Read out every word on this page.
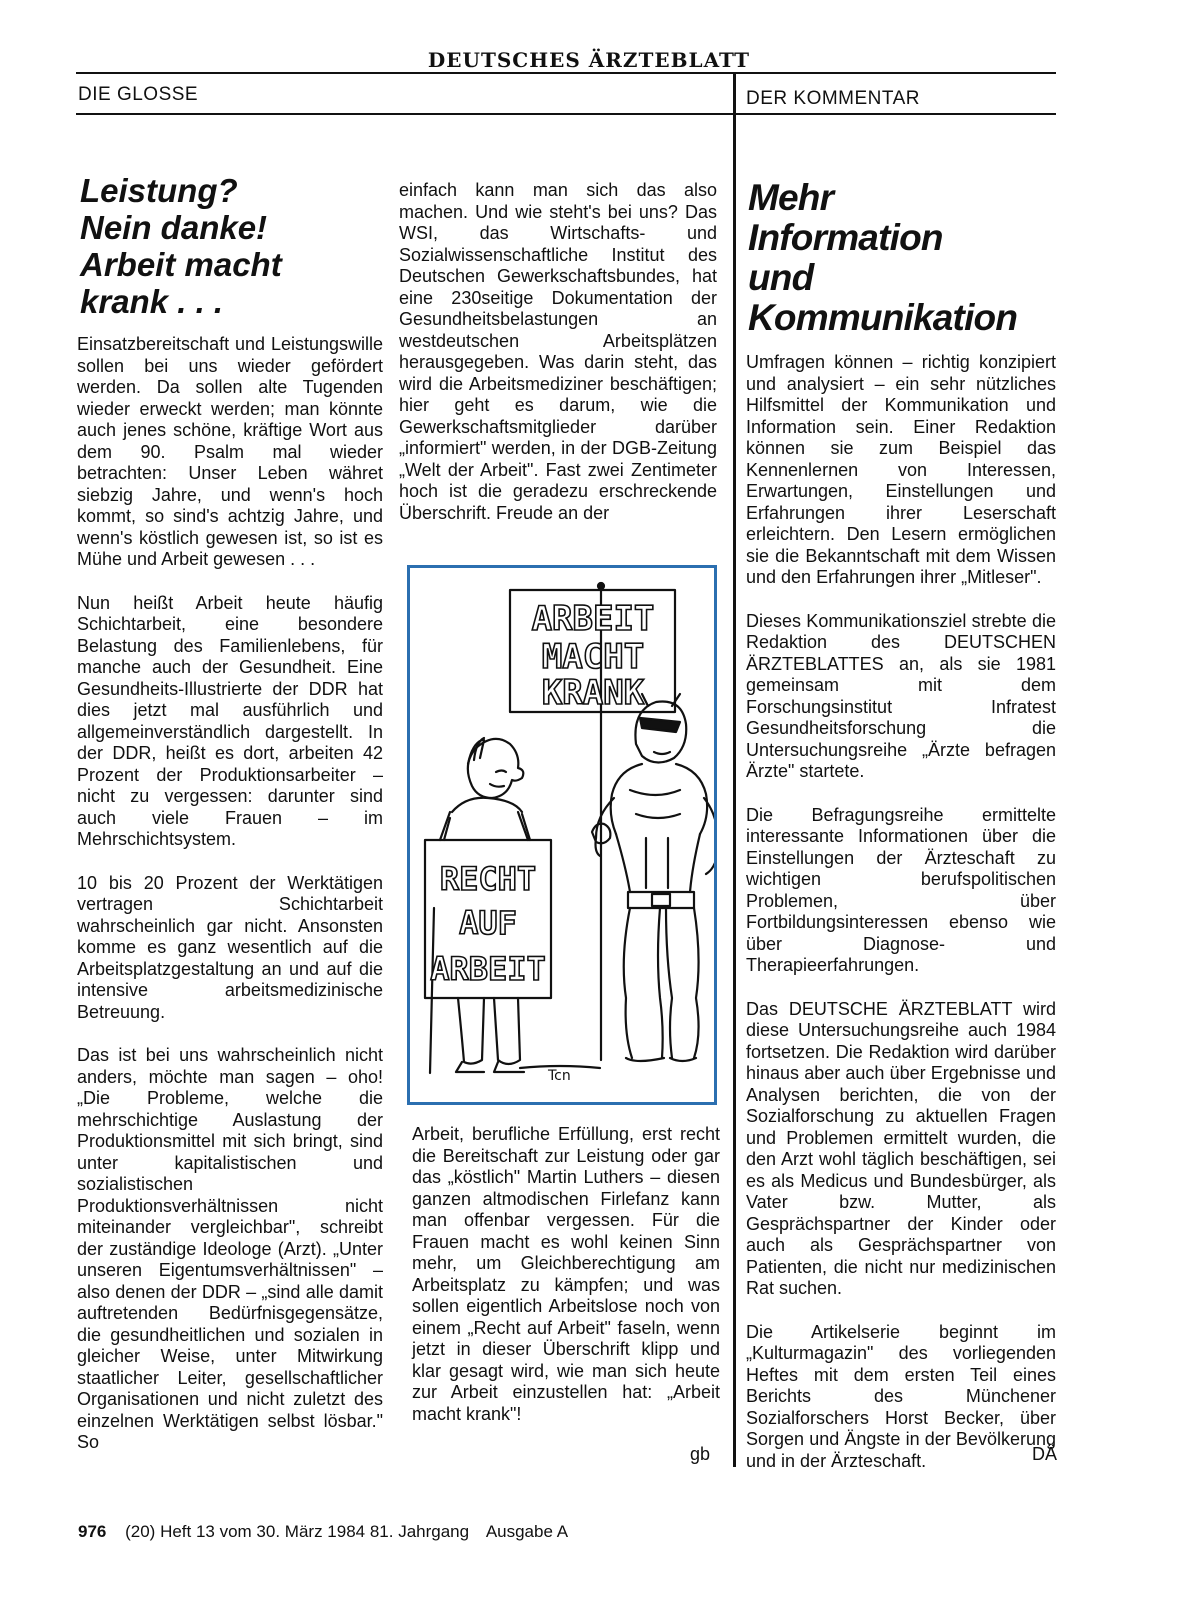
DEUTSCHES ÄRZTEBLATT
DIE GLOSSE	DER KOMMENTAR
Leistung?
Nein danke!
Arbeit macht
krank . . .

Einsatzbereitschaft und Leistungswille sollen bei uns wieder gefördert werden. Da sollen alte Tugenden wieder erweckt werden; man könnte auch jenes schöne, kräftige Wort aus dem 90. Psalm mal wieder betrachten: Unser Leben währet siebzig Jahre, und wenn's hoch kommt, so sind's achtzig Jahre, und wenn's köstlich gewesen ist, so ist es Mühe und Arbeit gewesen . . .

Nun heißt Arbeit heute häufig Schichtarbeit, eine besondere Belastung des Familienlebens, für manche auch der Gesundheit. Eine Gesundheits-Illustrierte der DDR hat dies jetzt mal ausführlich und allgemeinverständlich dargestellt. In der DDR, heißt es dort, arbeiten 42 Prozent der Produktionsarbeiter – nicht zu vergessen: darunter sind auch viele Frauen – im Mehrschichtsystem.

10 bis 20 Prozent der Werktätigen vertragen Schichtarbeit wahrscheinlich gar nicht. Ansonsten komme es ganz wesentlich auf die Arbeitsplatzgestaltung an und auf die intensive arbeitsmedizinische Betreuung.

Das ist bei uns wahrscheinlich nicht anders, möchte man sagen – oho! „Die Probleme, welche die mehrschichtige Auslastung der Produktionsmittel mit sich bringt, sind unter kapitalistischen und sozialistischen Produktionsverhältnissen nicht miteinander vergleichbar", schreibt der zuständige Ideologe (Arzt). „Unter unseren Eigentumsverhältnissen" – also denen der DDR – „sind alle damit auftretenden Bedürfnisgegensätze, die gesundheitlichen und sozialen in gleicher Weise, unter Mitwirkung staatlicher Leiter, gesellschaftlicher Organisationen und nicht zuletzt des einzelnen Werktätigen selbst lösbar." So

einfach kann man sich das also machen. Und wie steht's bei uns? Das WSI, das Wirtschafts- und Sozialwissenschaftliche Institut des Deutschen Gewerkschaftsbundes, hat eine 230seitige Dokumentation der Gesundheitsbelastungen an westdeutschen Arbeitsplätzen herausgegeben. Was darin steht, das wird die Arbeitsmediziner beschäftigen; hier geht es darum, wie die Gewerkschaftsmitglieder darüber „informiert" werden, in der DGB-Zeitung „Welt der Arbeit". Fast zwei Zentimeter hoch ist die geradezu erschreckende Überschrift. Freude an der

ARBEIT
MACHT
KRANK
RECHT
AUF
ARBEIT
Tcn

Arbeit, berufliche Erfüllung, erst recht die Bereitschaft zur Leistung oder gar das „köstlich" Martin Luthers – diesen ganzen altmodischen Firlefanz kann man offenbar vergessen. Für die Frauen macht es wohl keinen Sinn mehr, um Gleichberechtigung am Arbeitsplatz zu kämpfen; und was sollen eigentlich Arbeitslose noch von einem „Recht auf Arbeit" faseln, wenn jetzt in dieser Überschrift klipp und klar gesagt wird, wie man sich heute zur Arbeit einzustellen hat: „Arbeit macht krank"!

gb
Mehr
Information
und
Kommunikation

Umfragen können – richtig konzipiert und analysiert – ein sehr nützliches Hilfsmittel der Kommunikation und Information sein. Einer Redaktion können sie zum Beispiel das Kennenlernen von Interessen, Erwartungen, Einstellungen und Erfahrungen ihrer Leserschaft erleichtern. Den Lesern ermöglichen sie die Bekanntschaft mit dem Wissen und den Erfahrungen ihrer „Mitleser".

Dieses Kommunikationsziel strebte die Redaktion des DEUTSCHEN ÄRZTEBLATTES an, als sie 1981 gemeinsam mit dem Forschungsinstitut Infratest Gesundheitsforschung die Untersuchungsreihe „Ärzte befragen Ärzte" startete.

Die Befragungsreihe ermittelte interessante Informationen über die Einstellungen der Ärzteschaft zu wichtigen berufspolitischen Problemen, über Fortbildungsinteressen ebenso wie über Diagnose- und Therapieerfahrungen.

Das DEUTSCHE ÄRZTEBLATT wird diese Untersuchungsreihe auch 1984 fortsetzen. Die Redaktion wird darüber hinaus aber auch über Ergebnisse und Analysen berichten, die von der Sozialforschung zu aktuellen Fragen und Problemen ermittelt wurden, die den Arzt wohl täglich beschäftigen, sei es als Medicus und Bundesbürger, als Vater bzw. Mutter, als Gesprächspartner der Kinder oder auch als Gesprächspartner von Patienten, die nicht nur medizinischen Rat suchen.

Die Artikelserie beginnt im „Kulturmagazin" des vorliegenden Heftes mit dem ersten Teil eines Berichts des Münchener Sozialforschers Horst Becker, über Sorgen und Ängste in der Bevölkerung und in der Ärzteschaft.	DÄ
976 (20) Heft 13 vom 30. März 1984 81. Jahrgang Ausgabe A
